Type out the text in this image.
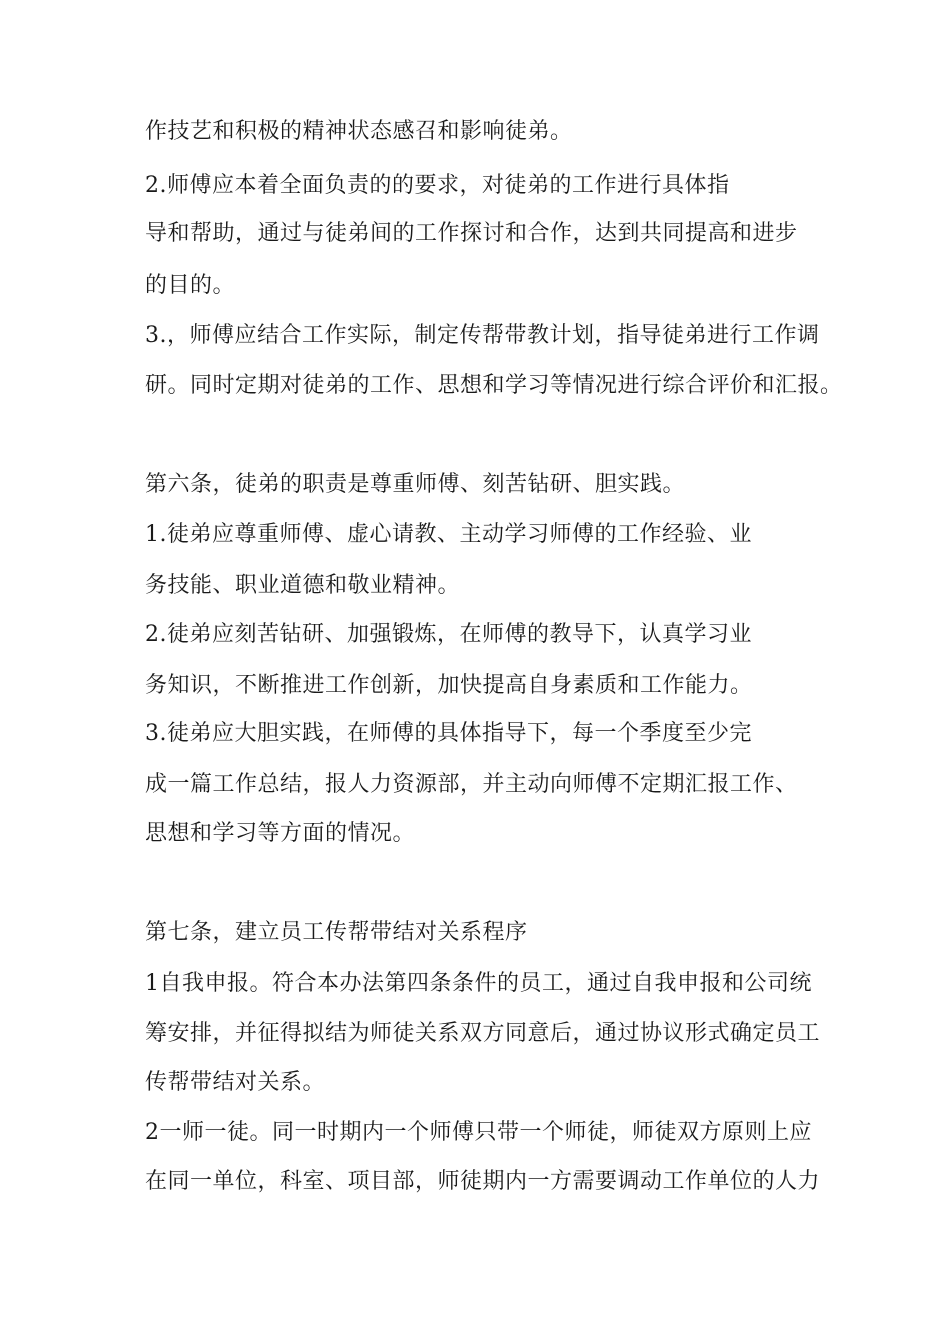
作技艺和积极的精神状态感召和影响徒弟。
2.师傅应本着全面负责的的要求，对徒弟的工作进行具体指
导和帮助，通过与徒弟间的工作探讨和合作，达到共同提高和进步
的目的。
3.，师傅应结合工作实际，制定传帮带教计划，指导徒弟进行工作调
研。同时定期对徒弟的工作、思想和学习等情况进行综合评价和汇报。
第六条，徒弟的职责是尊重师傅、刻苦钻研、胆实践。
1.徒弟应尊重师傅、虚心请教、主动学习师傅的工作经验、业
务技能、职业道德和敬业精神。
2.徒弟应刻苦钻研、加强锻炼，在师傅的教导下，认真学习业
务知识，不断推进工作创新，加快提高自身素质和工作能力。
3.徒弟应大胆实践，在师傅的具体指导下，每一个季度至少完
成一篇工作总结，报人力资源部，并主动向师傅不定期汇报工作、
思想和学习等方面的情况。
第七条，建立员工传帮带结对关系程序
1自我申报。符合本办法第四条条件的员工，通过自我申报和公司统
筹安排，并征得拟结为师徒关系双方同意后，通过协议形式确定员工
传帮带结对关系。
2一师一徒。同一时期内一个师傅只带一个师徒，师徒双方原则上应
在同一单位，科室、项目部，师徒期内一方需要调动工作单位的人力
